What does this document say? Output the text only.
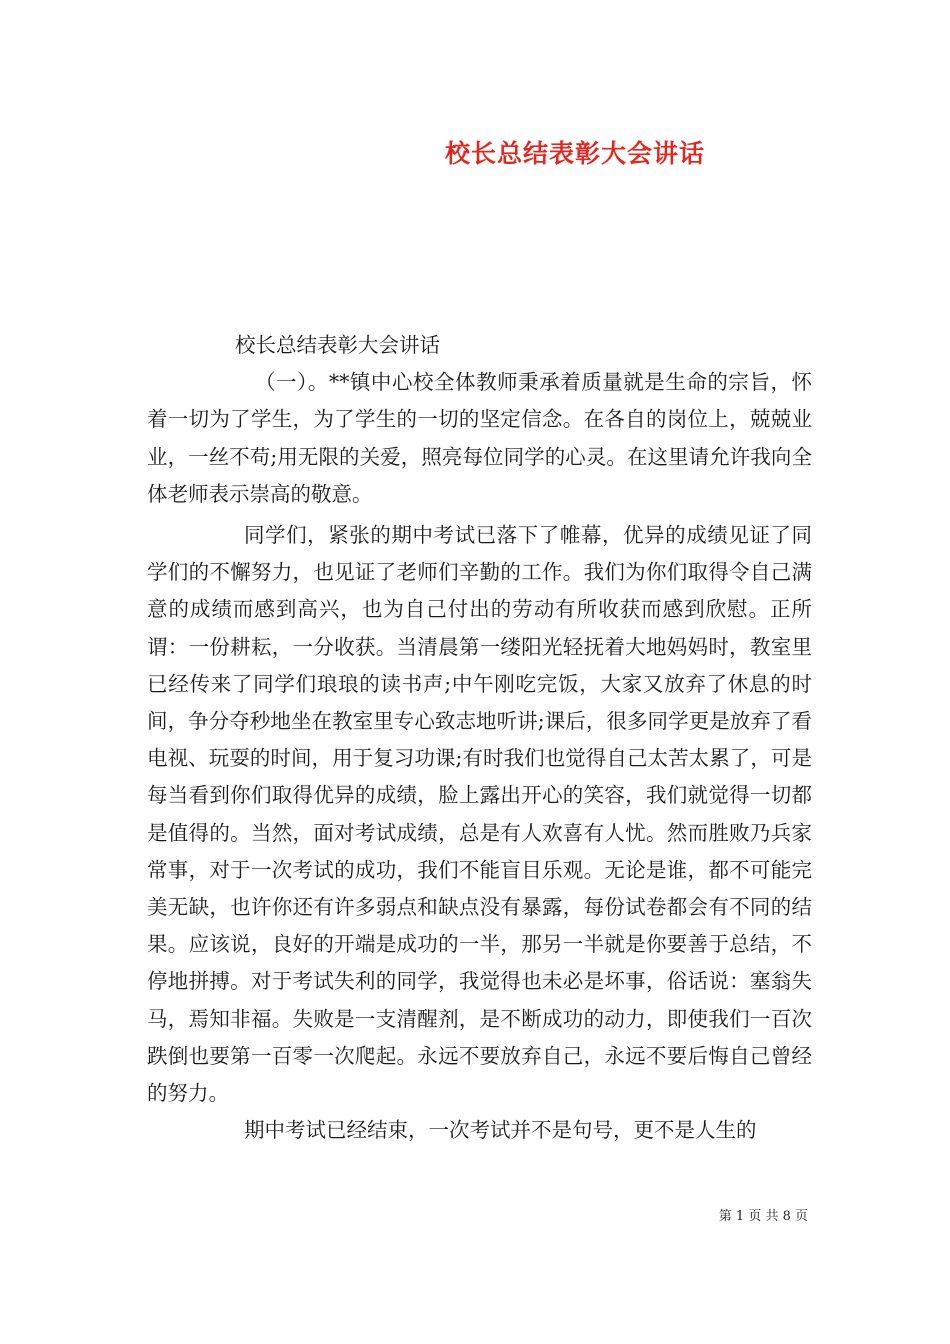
校长总结表彰大会讲话

校长总结表彰大会讲话

（一）。**镇中心校全体教师秉承着质量就是生命的宗旨，怀着一切为了学生，为了学生的一切的坚定信念。在各自的岗位上，兢兢业业，一丝不苟;用无限的关爱，照亮每位同学的心灵。在这里请允许我向全体老师表示崇高的敬意。

同学们，紧张的期中考试已落下了帷幕，优异的成绩见证了同学们的不懈努力，也见证了老师们辛勤的工作。我们为你们取得令自己满意的成绩而感到高兴，也为自己付出的劳动有所收获而感到欣慰。正所谓：一份耕耘，一分收获。当清晨第一缕阳光轻抚着大地妈妈时，教室里已经传来了同学们琅琅的读书声;中午刚吃完饭，大家又放弃了休息的时间，争分夺秒地坐在教室里专心致志地听讲;课后，很多同学更是放弃了看电视、玩耍的时间，用于复习功课;有时我们也觉得自己太苦太累了，可是每当看到你们取得优异的成绩，脸上露出开心的笑容，我们就觉得一切都是值得的。当然，面对考试成绩，总是有人欢喜有人忧。然而胜败乃兵家常事，对于一次考试的成功，我们不能盲目乐观。无论是谁，都不可能完美无缺，也许你还有许多弱点和缺点没有暴露，每份试卷都会有不同的结果。应该说，良好的开端是成功的一半，那另一半就是你要善于总结，不停地拼搏。对于考试失利的同学，我觉得也未必是坏事，俗话说：塞翁失马，焉知非福。失败是一支清醒剂，是不断成功的动力，即使我们一百次跌倒也要第一百零一次爬起。永远不要放弃自己，永远不要后悔自己曾经的努力。

期中考试已经结束，一次考试并不是句号，更不是人生的

第 1 页 共 8 页
